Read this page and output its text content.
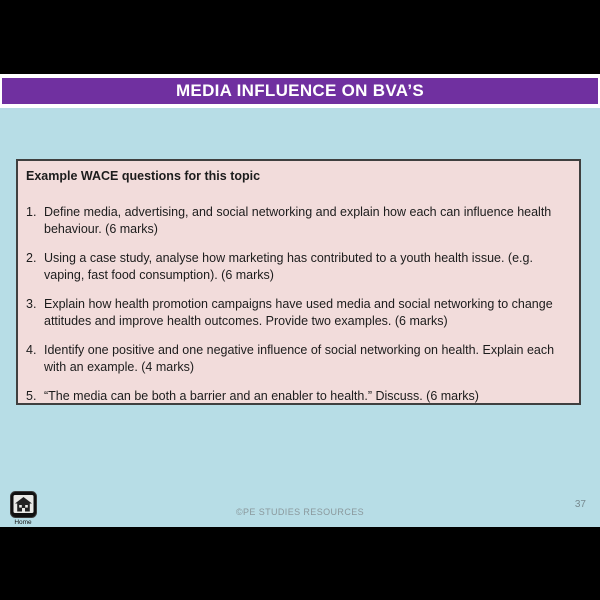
MEDIA INFLUENCE ON BVA’S
Example WACE questions for this topic
1. Define media, advertising, and social networking and explain how each can influence health behaviour. (6 marks)
2. Using a case study, analyse how marketing has contributed to a youth health issue. (e.g. vaping, fast food consumption). (6 marks)
3. Explain how health promotion campaigns have used media and social networking to change attitudes and improve health outcomes. Provide two examples. (6 marks)
4. Identify one positive and one negative influence of social networking on health. Explain each with an example. (4 marks)
5. “The media can be both a barrier and an enabler to health.” Discuss. (6 marks)
Home
©PE STUDIES RESOURCES
37
